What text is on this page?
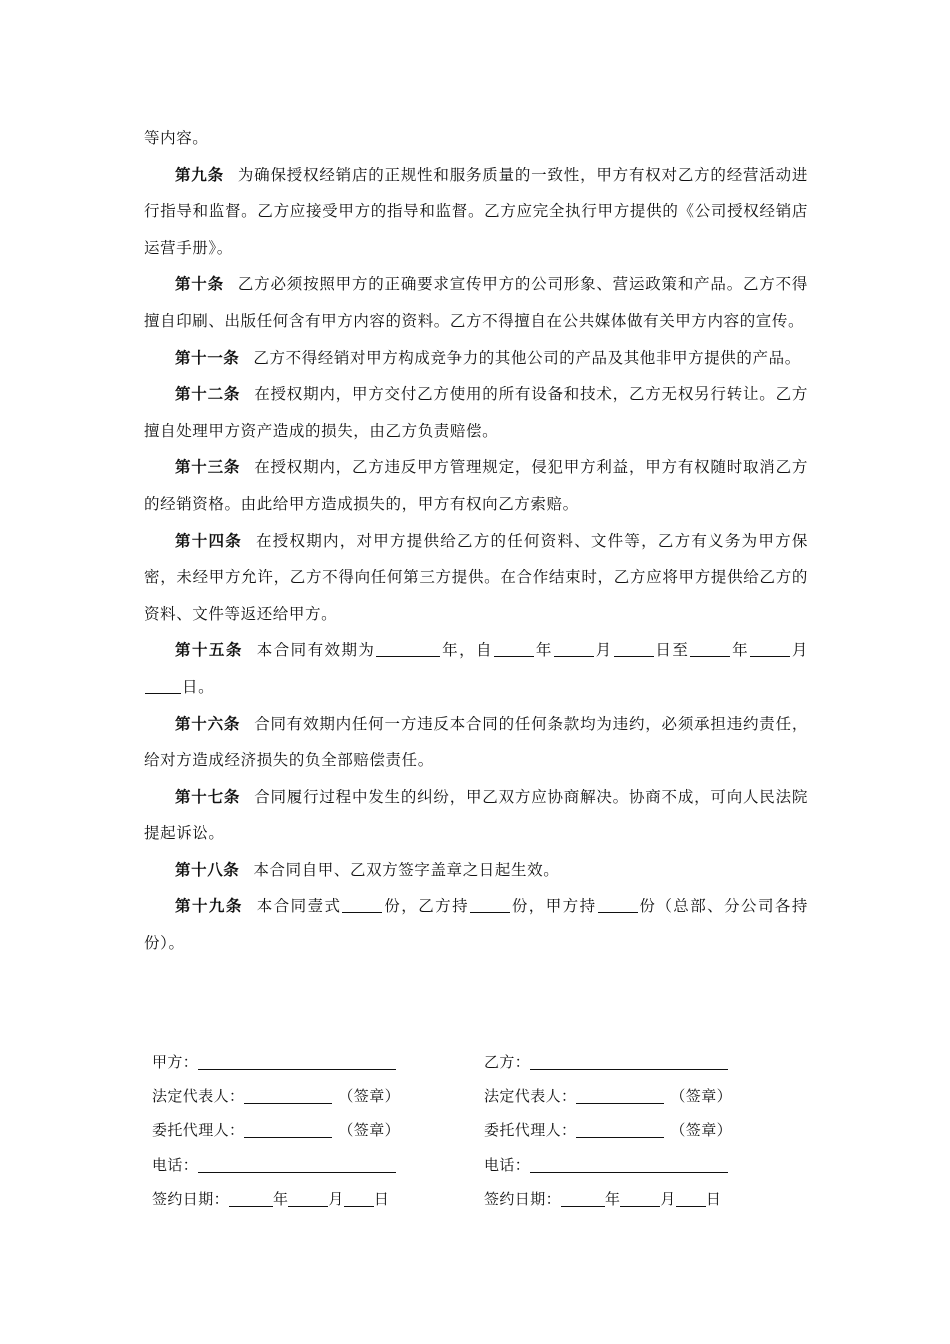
等内容。

第九条 为确保授权经销店的正规性和服务质量的一致性，甲方有权对乙方的经营活动进行指导和监督。乙方应接受甲方的指导和监督。乙方应完全执行甲方提供的《公司授权经销店运营手册》。

第十条 乙方必须按照甲方的正确要求宣传甲方的公司形象、营运政策和产品。乙方不得擅自印刷、出版任何含有甲方内容的资料。乙方不得擅自在公共媒体做有关甲方内容的宣传。

第十一条 乙方不得经销对甲方构成竞争力的其他公司的产品及其他非甲方提供的产品。

第十二条 在授权期内，甲方交付乙方使用的所有设备和技术，乙方无权另行转让。乙方擅自处理甲方资产造成的损失，由乙方负责赔偿。

第十三条 在授权期内，乙方违反甲方管理规定，侵犯甲方利益，甲方有权随时取消乙方的经销资格。由此给甲方造成损失的，甲方有权向乙方索赔。

第十四条 在授权期内，对甲方提供给乙方的任何资料、文件等，乙方有义务为甲方保密，未经甲方允许，乙方不得向任何第三方提供。在合作结束时，乙方应将甲方提供给乙方的资料、文件等返还给甲方。

第十五条 本合同有效期为	年，自	年	月	日至	年	月日。

第十六条 合同有效期内任何一方违反本合同的任何条款均为违约，必须承担违约责任，给对方造成经济损失的负全部赔偿责任。

第十七条 合同履行过程中发生的纠纷，甲乙双方应协商解决。协商不成，可向人民法院提起诉讼。

第十八条 本合同自甲、乙双方签字盖章之日起生效。

第十九条 本合同壹式	份，乙方持	份，甲方持	份（总部、分公司各持份）。

甲方：
法定代表人：	（签章）
委托代理人：	（签章）
电话：
签约日期：	年	月 日
乙方：
法定代表人：	（签章）
委托代理人：	（签章）
电话：
签约日期：	年	月 日
